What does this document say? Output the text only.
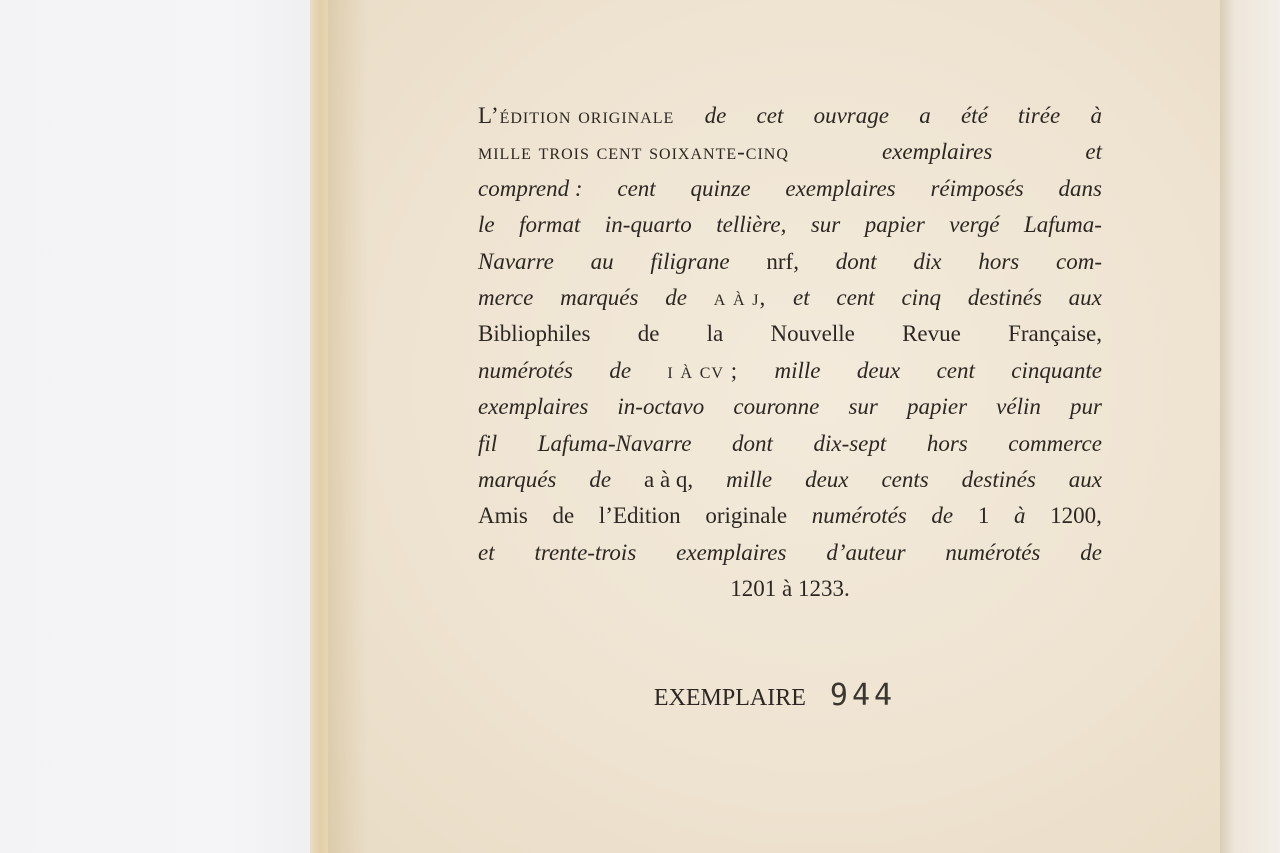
L’édition originale de cet ouvrage a été tirée à
mille trois cent soixante-cinq	exemplaires	et
comprend : cent quinze exemplaires réimposés dans
le format in-quarto tellière, sur papier vergé Lafuma-
Navarre au filigrane nrf, dont dix hors com-
merce marqués de a à j, et cent cinq destinés aux
Bibliophiles de la Nouvelle Revue Française,
numérotés de i à cv ; mille deux cent cinquante
exemplaires in-octavo couronne sur papier vélin pur
fil Lafuma-Navarre dont dix-sept hors commerce
marqués de a à q, mille deux cents destinés aux
Amis de l’Edition originale numérotés de 1 à 1200,
et trente-trois exemplaires d’auteur numérotés de
1201 à 1233.
EXEMPLAIRE 944
